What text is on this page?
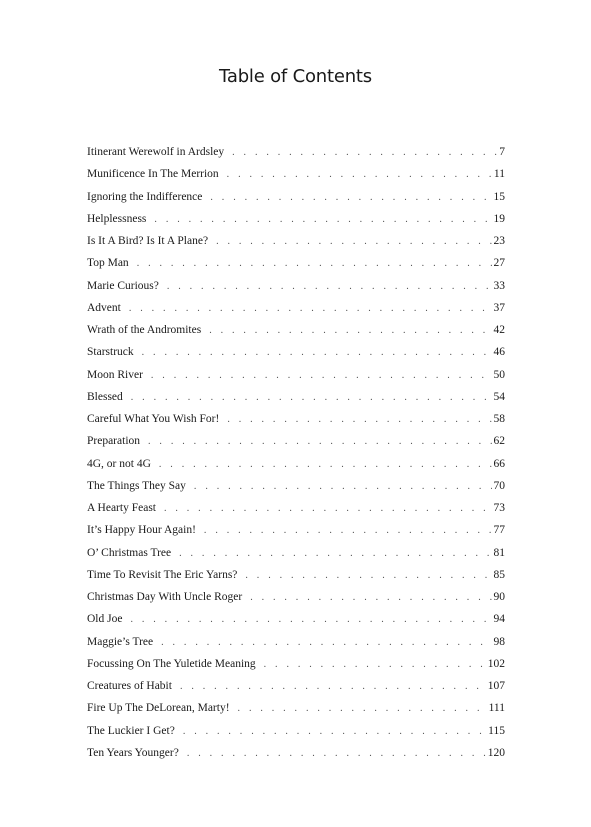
Table of Contents
Itinerant Werewolf in Ardsley . . .	7
Munificence In The Merrion . . .	11
Ignoring the Indifference . . .	15
Helplessness . . .	19
Is It A Bird? Is It A Plane? . . .	23
Top Man . . .	27
Marie Curious? . . .	33
Advent . . .	37
Wrath of the Andromites . . .	42
Starstruck . . .	46
Moon River . . .	50
Blessed . . .	54
Careful What You Wish For! . . .	58
Preparation . . .	62
4G, or not 4G . . .	66
The Things They Say . . .	70
A Hearty Feast . . .	73
It’s Happy Hour Again! . . .	77
O’ Christmas Tree . . .	81
Time To Revisit The Eric Yarns? . . .	85
Christmas Day With Uncle Roger . . .	90
Old Joe . . .	94
Maggie’s Tree . . .	98
Focussing On The Yuletide Meaning . . .	102
Creatures of Habit . . .	107
Fire Up The DeLorean, Marty! . . .	111
The Luckier I Get? . . .	115
Ten Years Younger? . . .	120
